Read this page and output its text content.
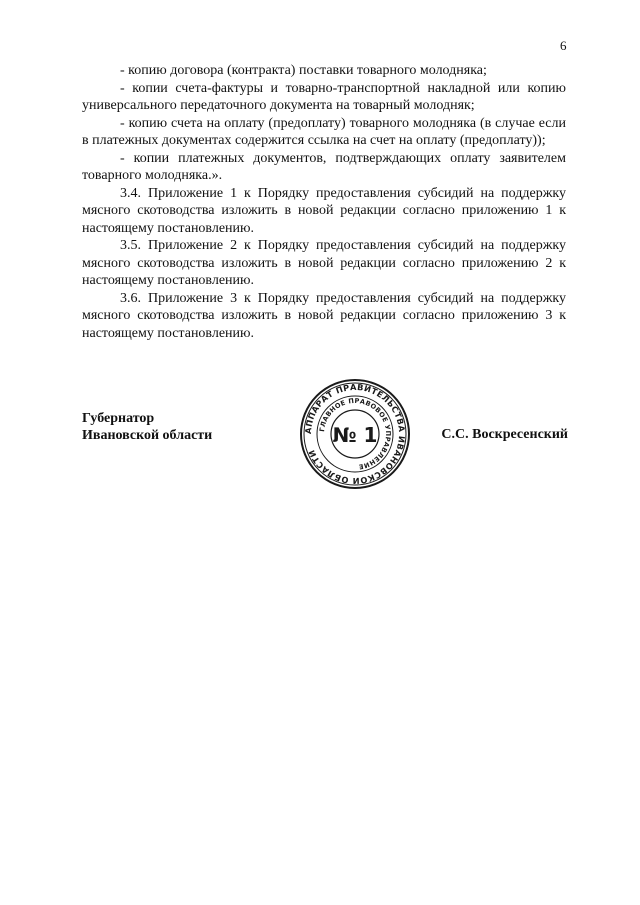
6

- копию договора (контракта) поставки товарного молодняка;

- копии счета-фактуры и товарно-транспортной накладной или копию универсального передаточного документа на товарный молодняк;

- копию счета на оплату (предоплату) товарного молодняка (в случае если в платежных документах содержится ссылка на счет на оплату (предоплату));

- копии платежных документов, подтверждающих оплату заявителем товарного молодняка.».

3.4. Приложение 1 к Порядку предоставления субсидий на поддержку мясного скотоводства изложить в новой редакции согласно приложению 1 к настоящему постановлению.

3.5. Приложение 2 к Порядку предоставления субсидий на поддержку мясного скотоводства изложить в новой редакции согласно приложению 2 к настоящему постановлению.

3.6. Приложение 3 к Порядку предоставления субсидий на поддержку мясного скотоводства изложить в новой редакции согласно приложению 3 к настоящему постановлению.

Губернатор
Ивановской области	АППАРАТ ПРАВИТЕЛЬСТВА ИВАНОВСКОЙ ОБЛАСТИ
ГЛАВНОЕ ПРАВОВОЕ УПРАВЛЕНИЕ
№ 1	С.С. Воскресенский
